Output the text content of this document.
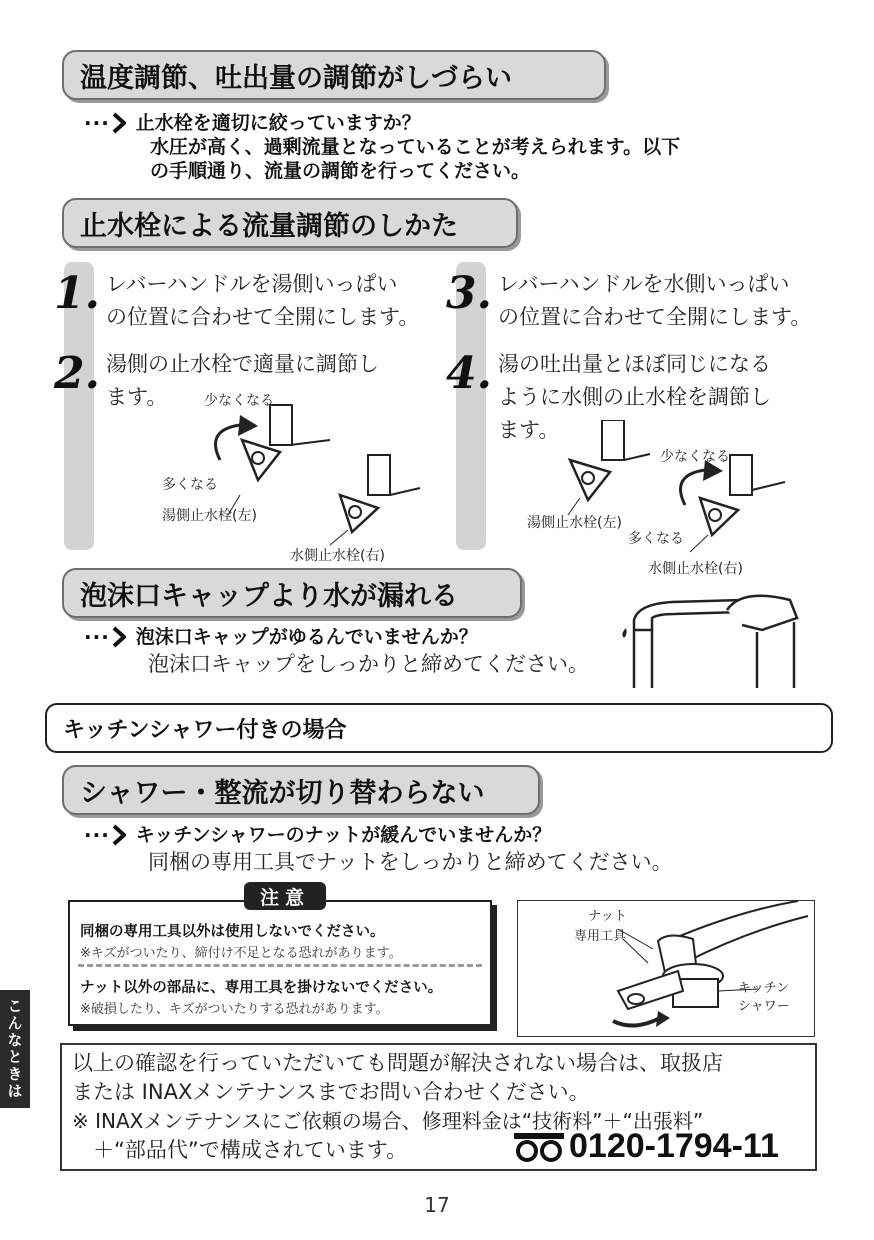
温度調節、吐出量の調節がしづらい
··· 止水栓を適切に絞っていますか？
水圧が高く、過剰流量となっていることが考えられます。以下
の手順通り、流量の調節を行ってください。
止水栓による流量調節のしかた
1. レバーハンドルを湯側いっぱい
の位置に合わせて全開にします。
2. 湯側の止水栓で適量に調節し
ます。
3. レバーハンドルを水側いっぱい
の位置に合わせて全開にします。
4. 湯の吐出量とほぼ同じになる
ように水側の止水栓を調節し
ます。
少なくなる
多くなる
湯側止水栓(左)
水側止水栓(右)
少なくなる
湯側止水栓(左)
多くなる
水側止水栓(右)
泡沫口キャップより水が漏れる
··· 泡沫口キャップがゆるんでいませんか？
泡沫口キャップをしっかりと締めてください。
キッチンシャワー付きの場合
シャワー・整流が切り替わらない
··· キッチンシャワーのナットが緩んでいませんか？
同梱の専用工具でナットをしっかりと締めてください。
同梱の専用工具以外は使用しないでください。
※キズがついたり、締付け不足となる恐れがあります。
ナット以外の部品に、専用工具を掛けないでください。
※破損したり、キズがついたりする恐れがあります。
注意
ナット
専用工具
キッチン
シャワー
以上の確認を行っていただいても問題が解決されない場合は、取扱店
または INAXメンテナンスまでお問い合わせください。
※ INAXメンテナンスにご依頼の場合、修理料金は“技術料”＋“出張料”
　＋“部品代”で構成されています。	0120-1794-11
こんなときは
17
